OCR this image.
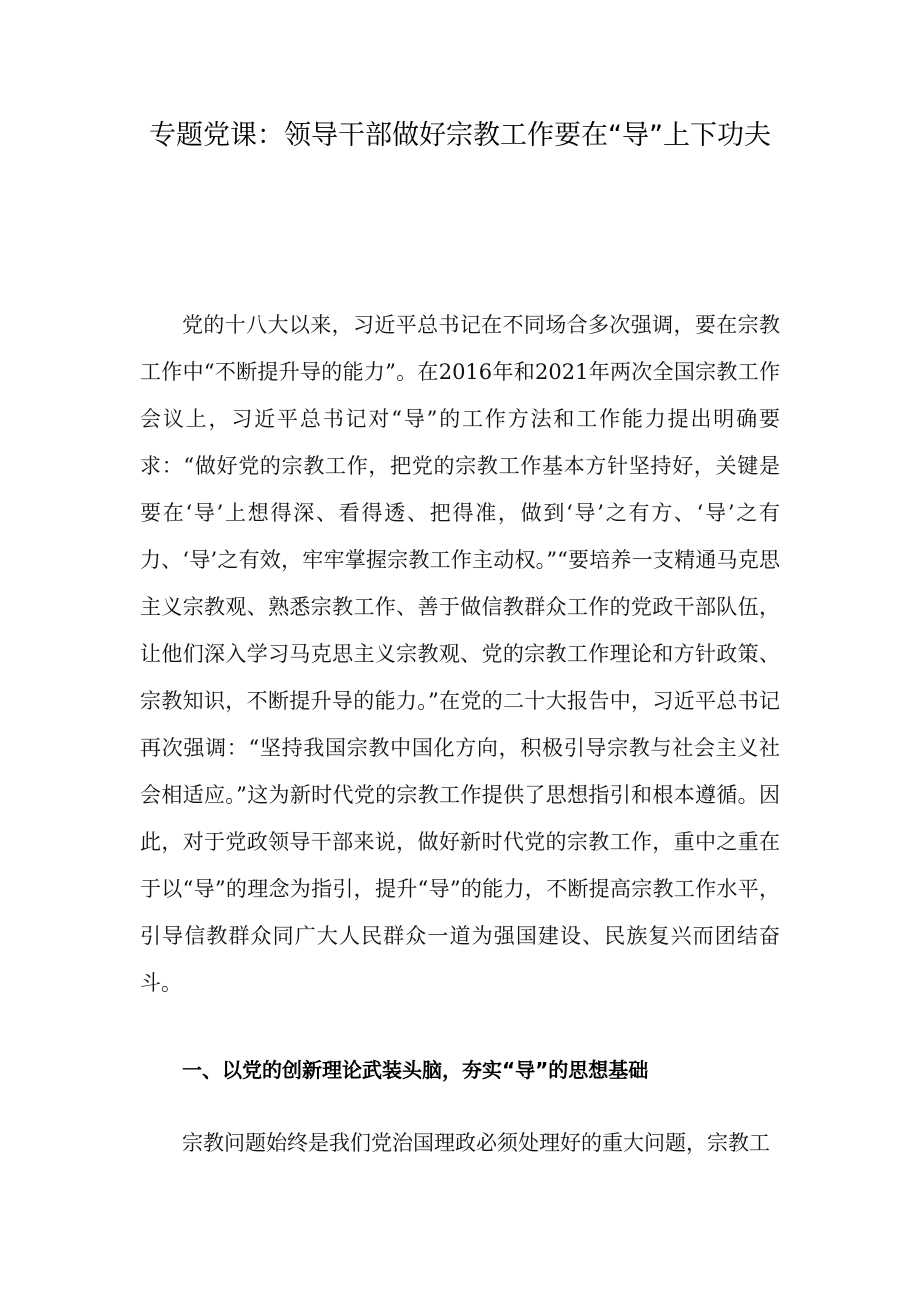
专题党课：领导干部做好宗教工作要在“导”上下功夫

党的十八大以来，习近平总书记在不同场合多次强调，要在宗教工作中“不断提升导的能力”。在2016年和2021年两次全国宗教工作会议上，习近平总书记对“导”的工作方法和工作能力提出明确要求：“做好党的宗教工作，把党的宗教工作基本方针坚持好，关键是要在‘导’上想得深、看得透、把得准，做到‘导’之有方、‘导’之有力、‘导’之有效，牢牢掌握宗教工作主动权。”“要培养一支精通马克思主义宗教观、熟悉宗教工作、善于做信教群众工作的党政干部队伍，让他们深入学习马克思主义宗教观、党的宗教工作理论和方针政策、宗教知识，不断提升导的能力。”在党的二十大报告中，习近平总书记再次强调：“坚持我国宗教中国化方向，积极引导宗教与社会主义社会相适应。”这为新时代党的宗教工作提供了思想指引和根本遵循。因此，对于党政领导干部来说，做好新时代党的宗教工作，重中之重在于以“导”的理念为指引，提升“导”的能力，不断提高宗教工作水平，引导信教群众同广大人民群众一道为强国建设、民族复兴而团结奋斗。

一、以党的创新理论武装头脑，夯实“导”的思想基础

宗教问题始终是我们党治国理政必须处理好的重大问题，宗教工
